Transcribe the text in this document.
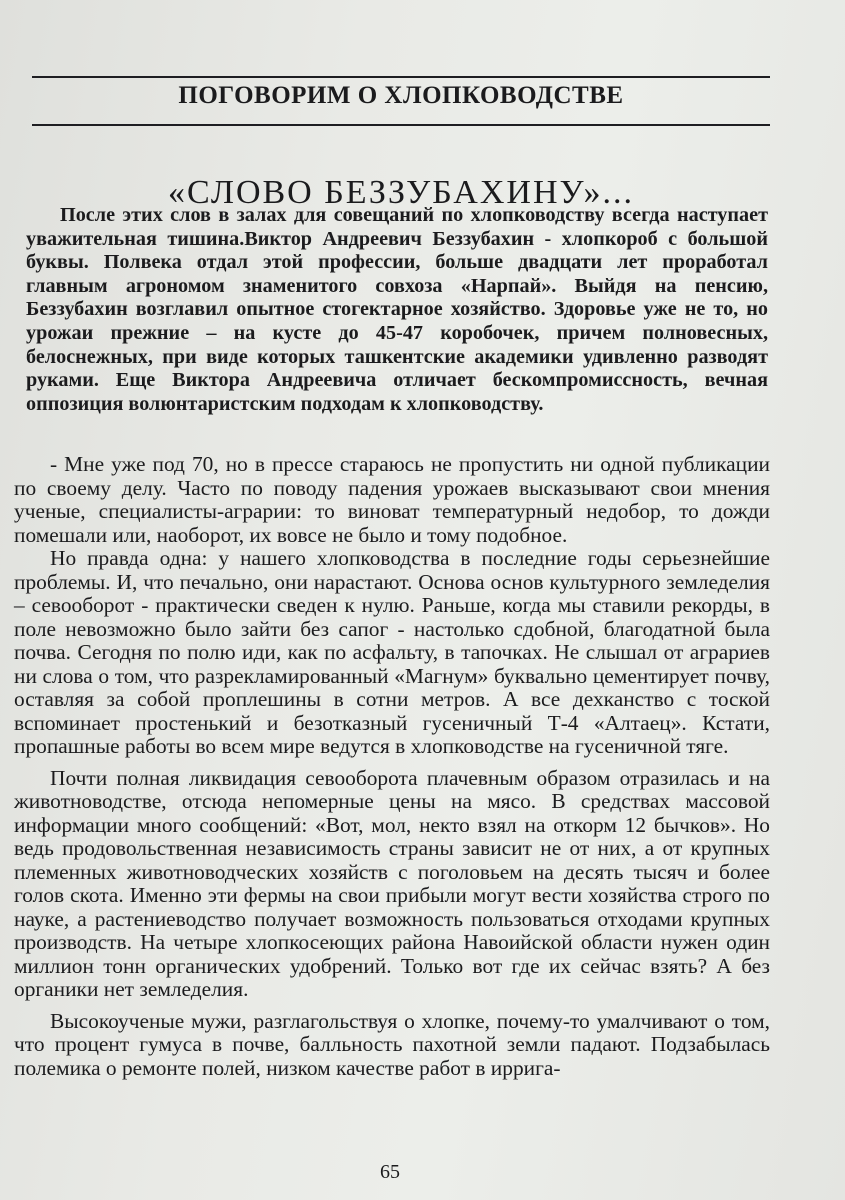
ПОГОВОРИМ О ХЛОПКОВОДСТВЕ
«СЛОВО БЕЗЗУБАХИНУ»...

После этих слов в залах для совещаний по хлопководству всегда наступает уважительная тишина.Виктор Андреевич Беззубахин - хлопкороб с большой буквы. Полвека отдал этой профессии, больше двадцати лет проработал главным агрономом знаменитого совхоза «Нарпай». Выйдя на пенсию, Беззубахин возглавил опытное стогектарное хозяйство. Здоровье уже не то, но урожаи прежние – на кусте до 45-47 коробочек, причем полновесных, белоснежных, при виде которых ташкентские академики удивленно разводят руками. Еще Виктора Андреевича отличает бескомпромиссность, вечная оппозиция волюнтаристским подходам к хлопководству.

- Мне уже под 70, но в прессе стараюсь не пропустить ни одной публикации по своему делу. Часто по поводу падения урожаев высказывают свои мнения ученые, специалисты-аграрии: то виноват температурный недобор, то дожди помешали или, наоборот, их вовсе не было и тому подобное.

Но правда одна: у нашего хлопководства в последние годы серьезнейшие проблемы. И, что печально, они нарастают. Основа основ культурного земледелия – севооборот - практически сведен к нулю. Раньше, когда мы ставили рекорды, в поле невозможно было зайти без сапог - настолько сдобной, благодатной была почва. Сегодня по полю иди, как по асфальту, в тапочках. Не слышал от аграриев ни слова о том, что разрекламированный «Магнум» буквально цементирует почву, оставляя за собой проплешины в сотни метров. А все дехканство с тоской вспоминает простенький и безотказный гусеничный Т-4 «Алтаец». Кстати, пропашные работы во всем мире ведутся в хлопководстве на гусеничной тяге.

Почти полная ликвидация севооборота плачевным образом отразилась и на животноводстве, отсюда непомерные цены на мясо. В средствах массовой информации много сообщений: «Вот, мол, некто взял на откорм 12 бычков». Но ведь продовольственная независимость страны зависит не от них, а от крупных племенных животноводческих хозяйств с поголовьем на десять тысяч и более голов скота. Именно эти фермы на свои прибыли могут вести хозяйства строго по науке, а растениеводство получает возможность пользоваться отходами крупных производств. На четыре хлопкосеющих района Навоийской области нужен один миллион тонн органических удобрений. Только вот где их сейчас взять? А без органики нет земледелия.

Высокоученые мужи, разглагольствуя о хлопке, почему-то умалчивают о том, что процент гумуса в почве, балльность пахотной земли падают. Подзабылась полемика о ремонте полей, низком качестве работ в ирригa-

65
